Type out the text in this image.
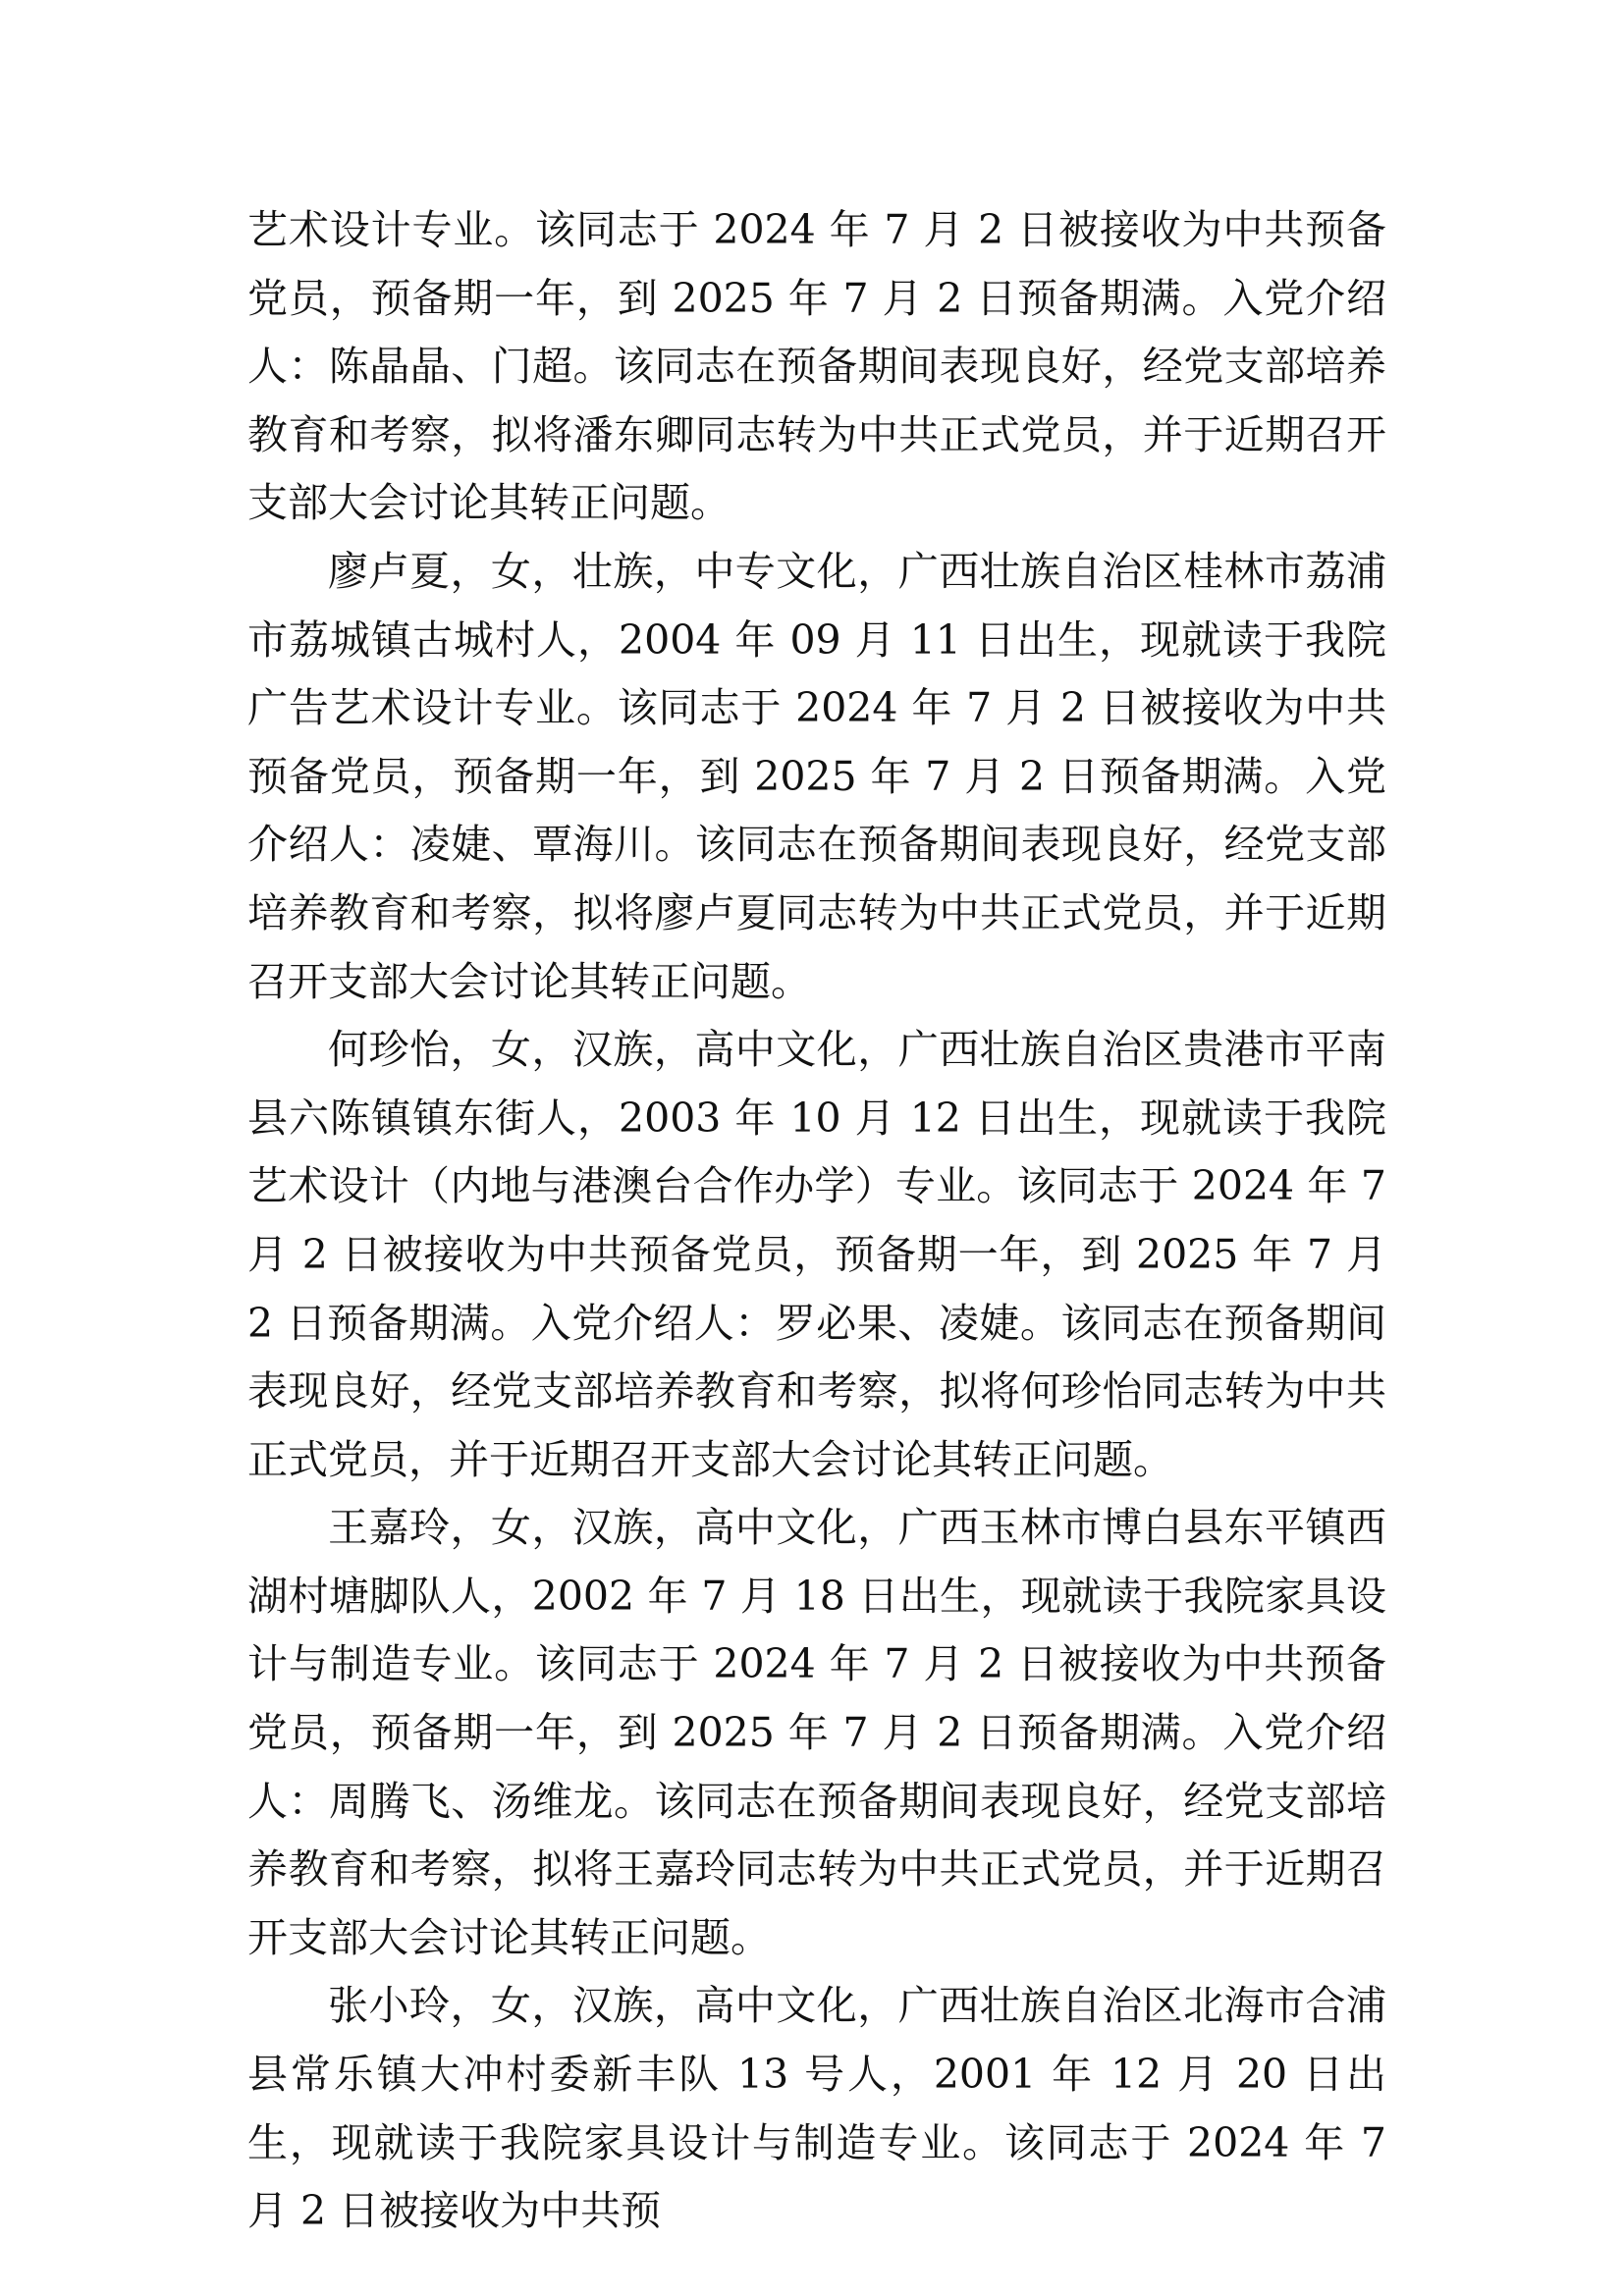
艺术设计专业。该同志于 2024 年 7 月 2 日被接收为中共预备党员，预备期一年，到 2025 年 7 月 2 日预备期满。入党介绍人：陈晶晶、门超。该同志在预备期间表现良好，经党支部培养教育和考察，拟将潘东卿同志转为中共正式党员，并于近期召开支部大会讨论其转正问题。

廖卢夏，女，壮族，中专文化，广西壮族自治区桂林市荔浦市荔城镇古城村人，2004 年 09 月 11 日出生，现就读于我院广告艺术设计专业。该同志于 2024 年 7 月 2 日被接收为中共预备党员，预备期一年，到 2025 年 7 月 2 日预备期满。入党介绍人：凌婕、覃海川。该同志在预备期间表现良好，经党支部培养教育和考察，拟将廖卢夏同志转为中共正式党员，并于近期召开支部大会讨论其转正问题。

何珍怡，女，汉族，高中文化，广西壮族自治区贵港市平南县六陈镇镇东街人，2003 年 10 月 12 日出生，现就读于我院艺术设计（内地与港澳台合作办学）专业。该同志于 2024 年 7 月 2 日被接收为中共预备党员，预备期一年，到 2025 年 7 月 2 日预备期满。入党介绍人：罗必果、凌婕。该同志在预备期间表现良好，经党支部培养教育和考察，拟将何珍怡同志转为中共正式党员，并于近期召开支部大会讨论其转正问题。

王嘉玲，女，汉族，高中文化，广西玉林市博白县东平镇西湖村塘脚队人，2002 年 7 月 18 日出生，现就读于我院家具设计与制造专业。该同志于 2024 年 7 月 2 日被接收为中共预备党员，预备期一年，到 2025 年 7 月 2 日预备期满。入党介绍人：周腾飞、汤维龙。该同志在预备期间表现良好，经党支部培养教育和考察，拟将王嘉玲同志转为中共正式党员，并于近期召开支部大会讨论其转正问题。

张小玲，女，汉族，高中文化，广西壮族自治区北海市合浦县常乐镇大冲村委新丰队 13 号人，2001 年 12 月 20 日出生，现就读于我院家具设计与制造专业。该同志于 2024 年 7 月 2 日被接收为中共预
